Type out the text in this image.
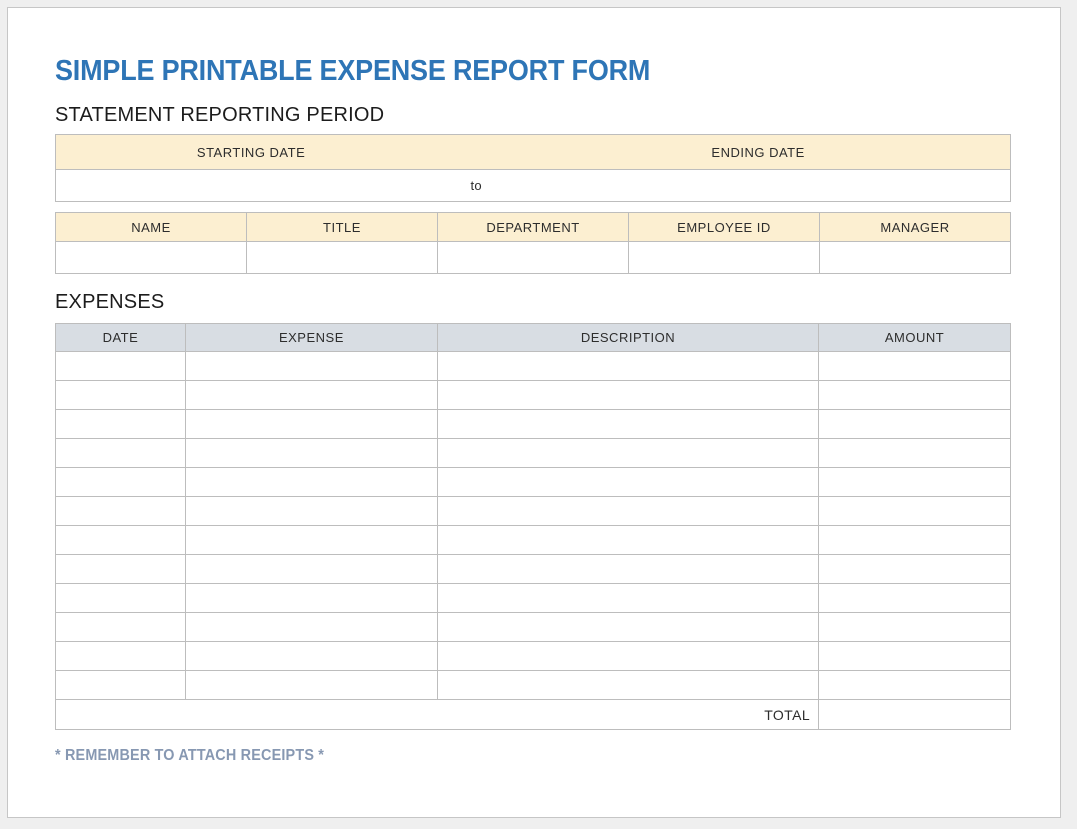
SIMPLE PRINTABLE EXPENSE REPORT FORM
STATEMENT REPORTING PERIOD
STARTING DATE	ENDING DATE
to
NAME	TITLE	DEPARTMENT	EMPLOYEE ID	MANAGER

EXPENSES
DATE	EXPENSE	DESCRIPTION	AMOUNT

TOTAL			
* REMEMBER TO ATTACH RECEIPTS *
